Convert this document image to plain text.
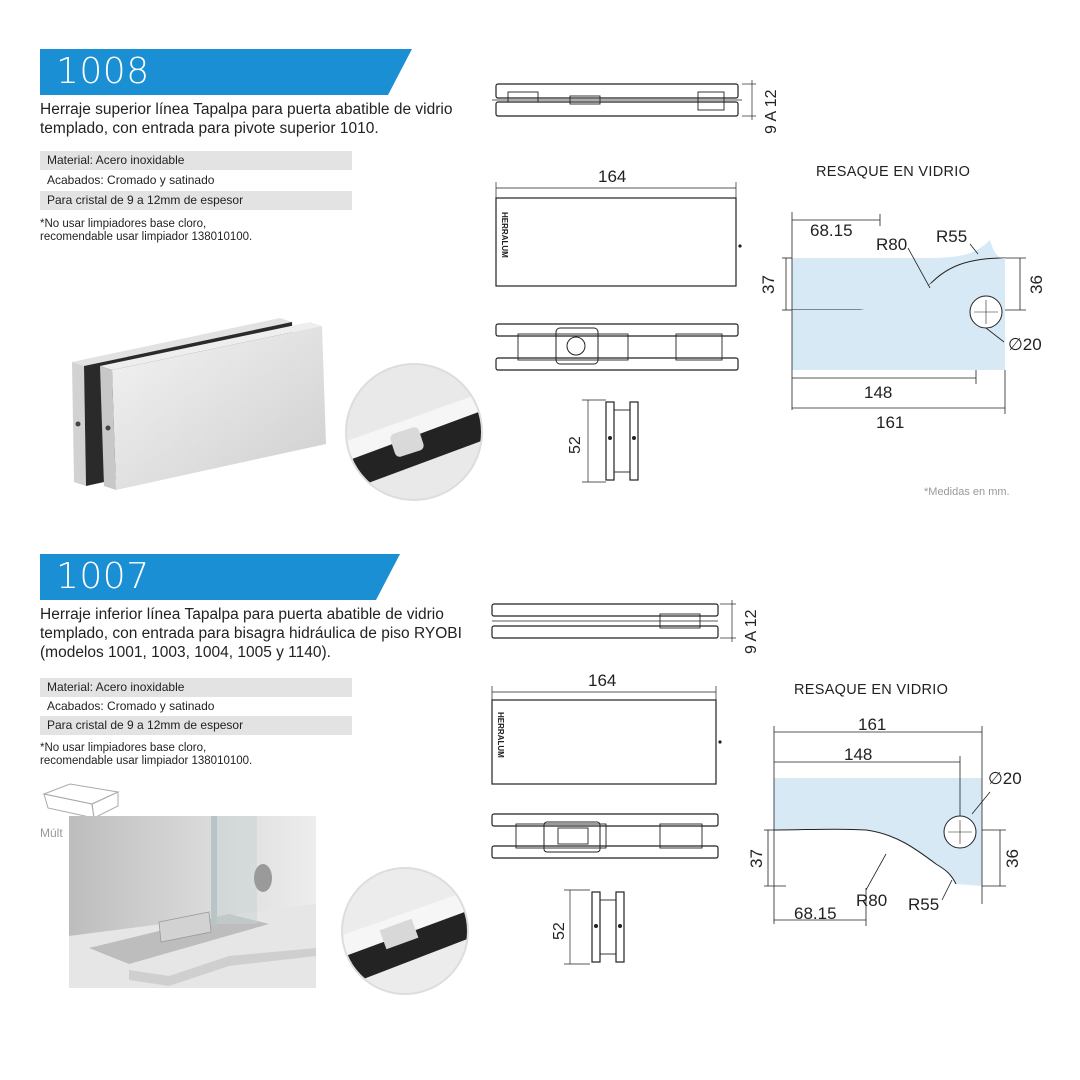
1008
Herraje superior línea Tapalpa para puerta abatible de vidrio templado, con entrada para pivote superior 1010.
Material: Acero inoxidable
Acabados: Cromado y satinado
Para cristal de 9 a 12mm de espesor
*No usar limpiadores base cloro,
recomendable usar limpiador 138010100.
9 A 12
164
HERRALUM
52
RESAQUE EN VIDRIO
68.15
R80 R55
37	36
∅20
148
161
*Medidas en mm.
1007
Herraje inferior línea Tapalpa para puerta abatible de vidrio templado, con entrada para bisagra hidráulica de piso RYOBI (modelos 1001, 1003, 1004, 1005 y 1140).
Material: Acero inoxidable
Acabados: Cromado y satinado
Para cristal de 9 a 12mm de espesor
*No usar limpiadores base cloro,
recomendable usar limpiador 138010100.
Múlt
9 A 12
164
HERRALUM
52
RESAQUE EN VIDRIO
161
148
∅20
37	36
68.15
R80 R55
